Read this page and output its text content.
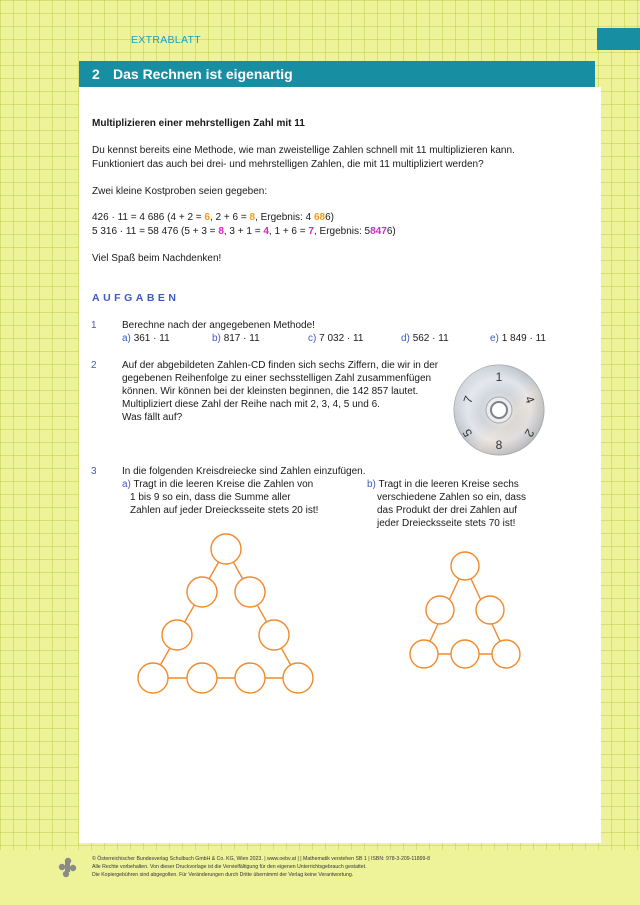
EXTRABLATT
2 Das Rechnen ist eigenartig
Multiplizieren einer mehrstelligen Zahl mit 11
Du kennst bereits eine Methode, wie man zweistellige Zahlen schnell mit 11 multiplizieren kann.
Funktioniert das auch bei drei- und mehrstelligen Zahlen, die mit 11 multipliziert werden?
Zwei kleine Kostproben seien gegeben:
426 · 11 = 4 686 (4 + 2 = 6, 2 + 6 = 8, Ergebnis: 4 686)
5 316 · 11 = 58 476 (5 + 3 = 8, 3 + 1 = 4, 1 + 6 = 7, Ergebnis: 58476)
Viel Spaß beim Nachdenken!
AUFGABEN
1	Berechne nach der angegebenen Methode!
a) 361 · 11	b) 817 · 11	c) 7 032 · 11	d) 562 · 11	e) 1 849 · 11
2	Auf der abgebildeten Zahlen-CD finden sich sechs Ziffern, die wir in der
gegebenen Reihenfolge zu einer sechsstelligen Zahl zusammenfügen
können. Wir können bei der kleinsten beginnen, die 142 857 lautet.
Multipliziert diese Zahl der Reihe nach mit 2, 3, 4, 5 und 6.
Was fällt auf?
1
4
2
8
5
7
3	In die folgenden Kreisdreiecke sind Zahlen einzufügen.
a) Tragt in die leeren Kreise die Zahlen von
1 bis 9 so ein, dass die Summe aller
Zahlen auf jeder Dreiecksseite stets 20 ist!
b) Tragt in die leeren Kreise sechs
verschiedene Zahlen so ein, dass
das Produkt der drei Zahlen auf
jeder Dreiecksseite stets 70 ist!
© Österreichischer Bundesverlag Schulbuch GmbH & Co. KG, Wien 2023. | www.oebv.at | | Mathematik verstehen SB 1 | ISBN: 978-3-209-11899-8
Alle Rechte vorbehalten. Von dieser Druckvorlage ist die Vervielfältigung für den eigenen Unterrichtsgebrauch gestattet.
Die Kopiergebühren sind abgegolten. Für Veränderungen durch Dritte übernimmt der Verlag keine Verantwortung.
